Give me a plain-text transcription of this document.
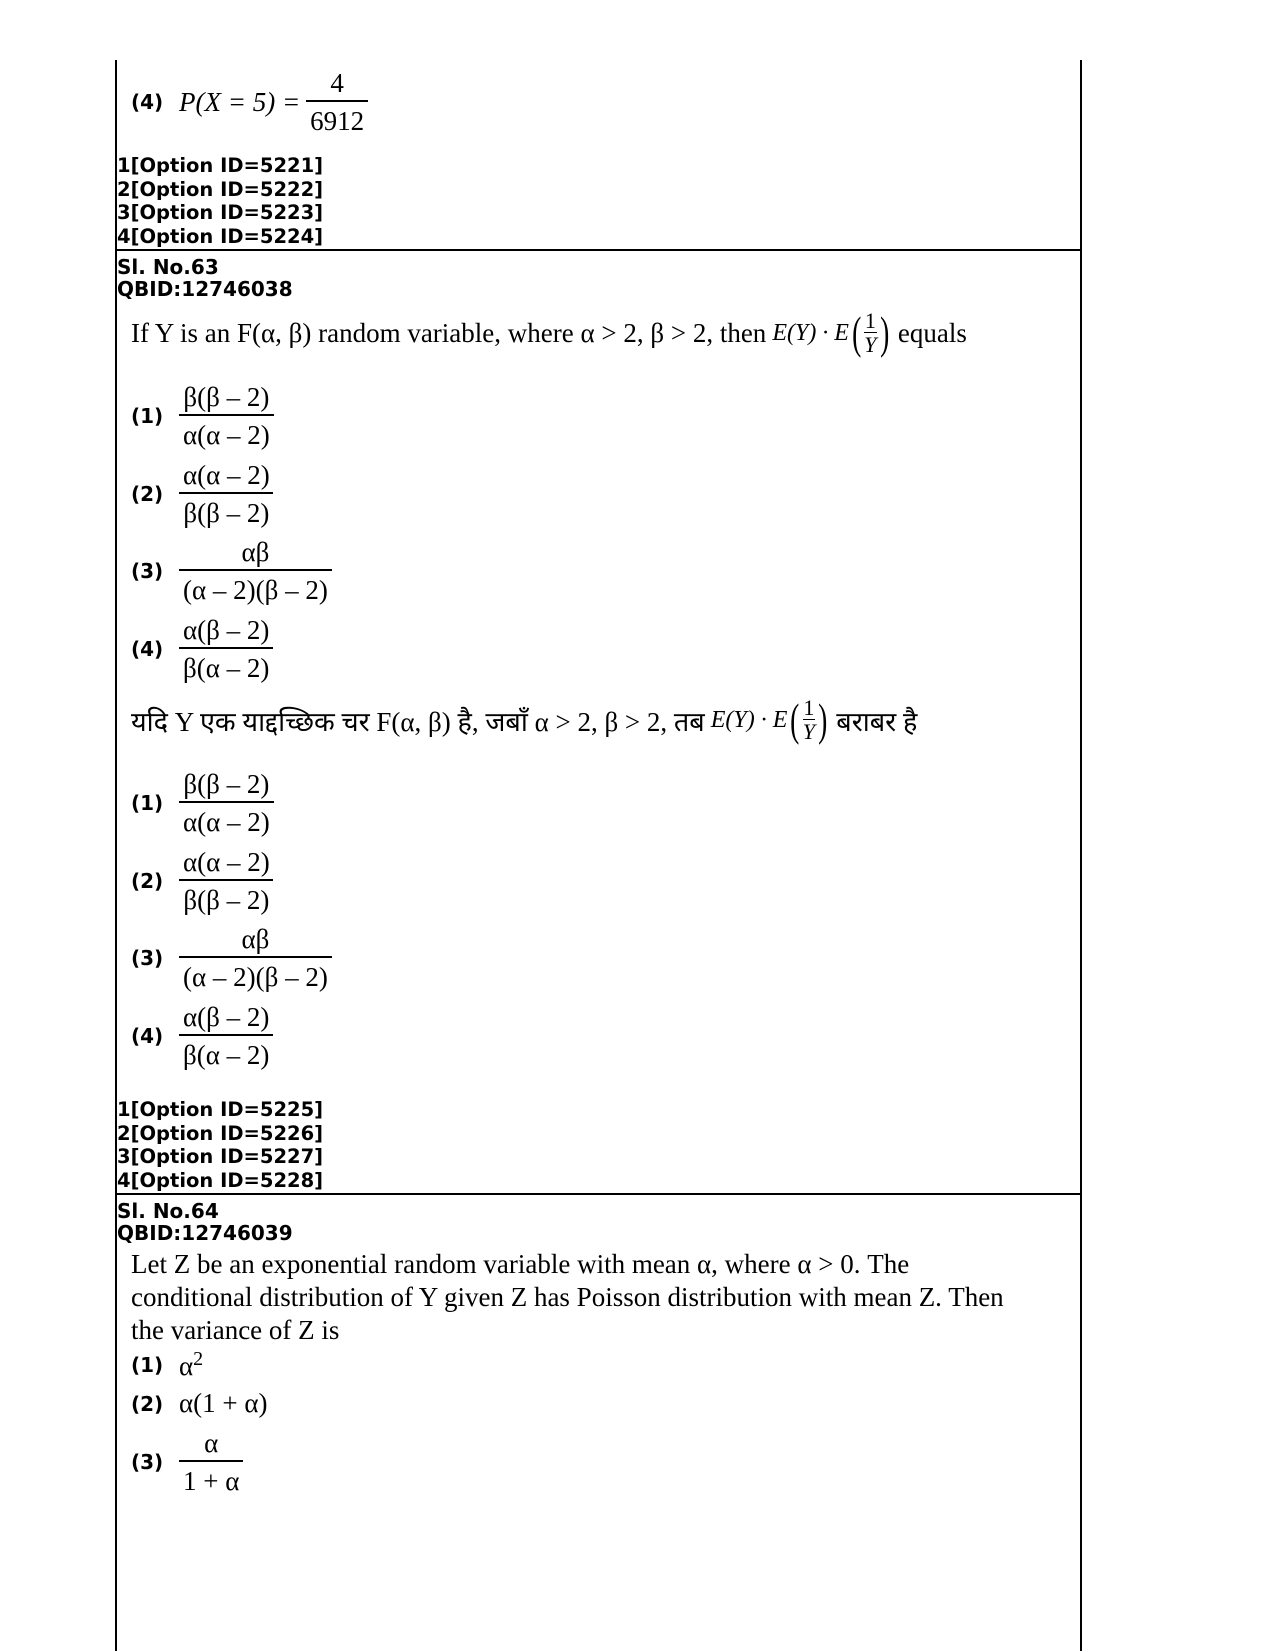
(4) $P(X = 5) = \frac{4}{6912}$
1[Option ID=5221]
2[Option ID=5222]
3[Option ID=5223]
4[Option ID=5224]
Sl. No.63
QBID:12746038
If Y is an F(α, β) random variable, where α > 2, β > 2, then E(Y) · E ( $\frac{1}{Y}$ ) equals
$(1) \frac{\beta(\beta - 2)}{\alpha(\alpha - 2)}$
$(2) \frac{\alpha(\alpha - 2)}{\beta(\beta - 2)}$
$(3) \frac{\alpha\beta}{(\alpha - 2)(\beta - 2)}$
$(4) \frac{\alpha(\beta - 2)}{\beta(\alpha - 2)}$
यदि Y एक याद्दच्छिक चर F(α, β) है, जबाँ α > 2, β > 2, तब E(Y) · E ( $\frac{1}{Y}$ ) बराबर है
$(1) \frac{\beta(\beta - 2)}{\alpha(\alpha - 2)}$
$(2) \frac{\alpha(\alpha - 2)}{\beta(\beta - 2)}$
$(3) \frac{\alpha\beta}{(\alpha - 2)(\beta - 2)}$
$(4) \frac{\alpha(\beta - 2)}{\beta(\alpha - 2)}$
1[Option ID=5225]
2[Option ID=5226]
3[Option ID=5227]
4[Option ID=5228]
Sl. No.64
QBID:12746039
Let Z be an exponential random variable with mean α, where α > 0. The
conditional distribution of Y given Z has Poisson distribution with mean Z. Then
the variance of Z is
(1) $\alpha^2$
(2) α(1 + α)
$(3) \frac{\alpha}{1 + \alpha}$
